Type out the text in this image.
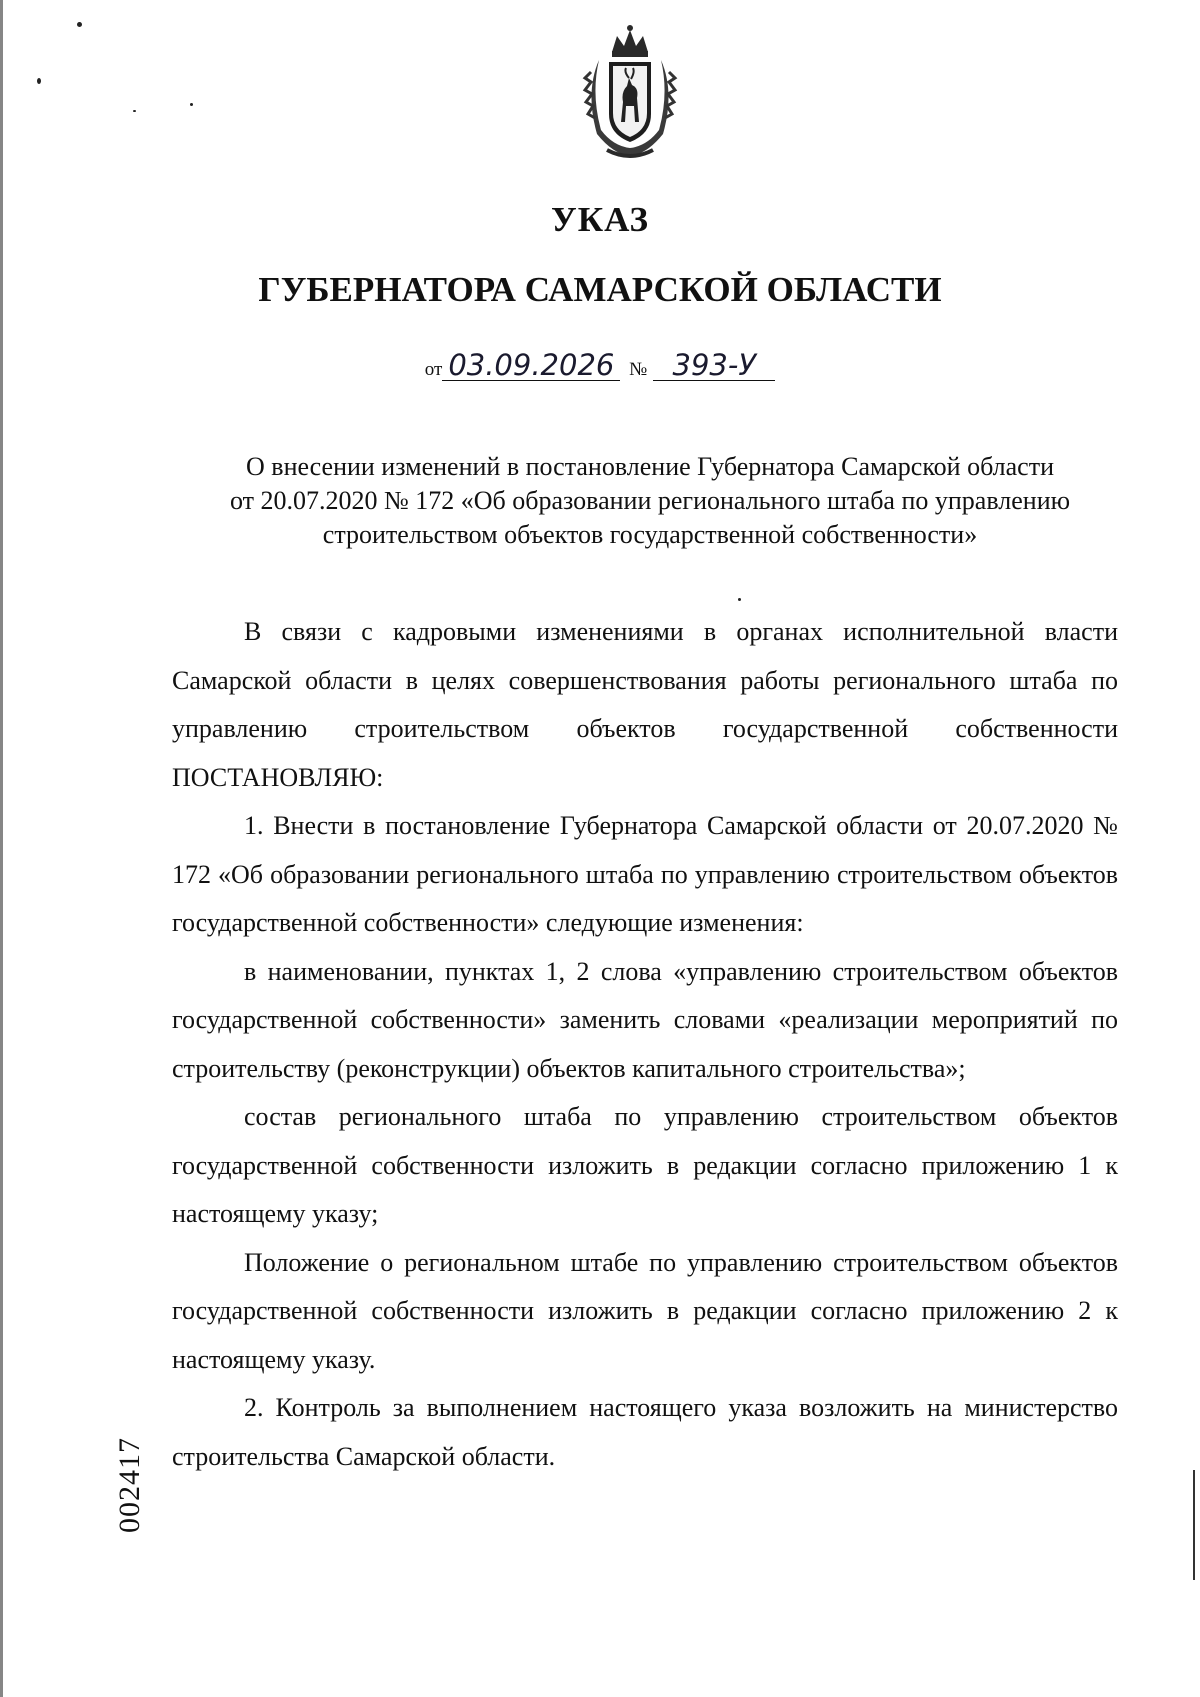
УКАЗ
ГУБЕРНАТОРА САМАРСКОЙ ОБЛАСТИ
от 03.09.2026 № 393-У
О внесении изменений в постановление Губернатора Самарской области
от 20.07.2020 № 172 «Об образовании регионального штаба по управлению
строительством объектов государственной собственности»

В связи с кадровыми изменениями в органах исполнительной власти Самарской области в целях совершенствования работы регионального штаба по управлению строительством объектов государственной собственности

ПОСТАНОВЛЯЮ:

1. Внести в постановление Губернатора Самарской области от 20.07.2020 № 172 «Об образовании регионального штаба по управлению строительством объектов государственной собственности» следующие изменения:

в наименовании, пунктах 1, 2 слова «управлению строительством объектов государственной собственности» заменить словами «реализации мероприятий по строительству (реконструкции) объектов капитального строительства»;

состав регионального штаба по управлению строительством объектов государственной собственности изложить в редакции согласно приложению 1 к настоящему указу;

Положение о региональном штабе по управлению строительством объектов государственной собственности изложить в редакции согласно приложению 2 к настоящему указу.

2. Контроль за выполнением настоящего указа возложить на министерство строительства Самарской области.

002417
